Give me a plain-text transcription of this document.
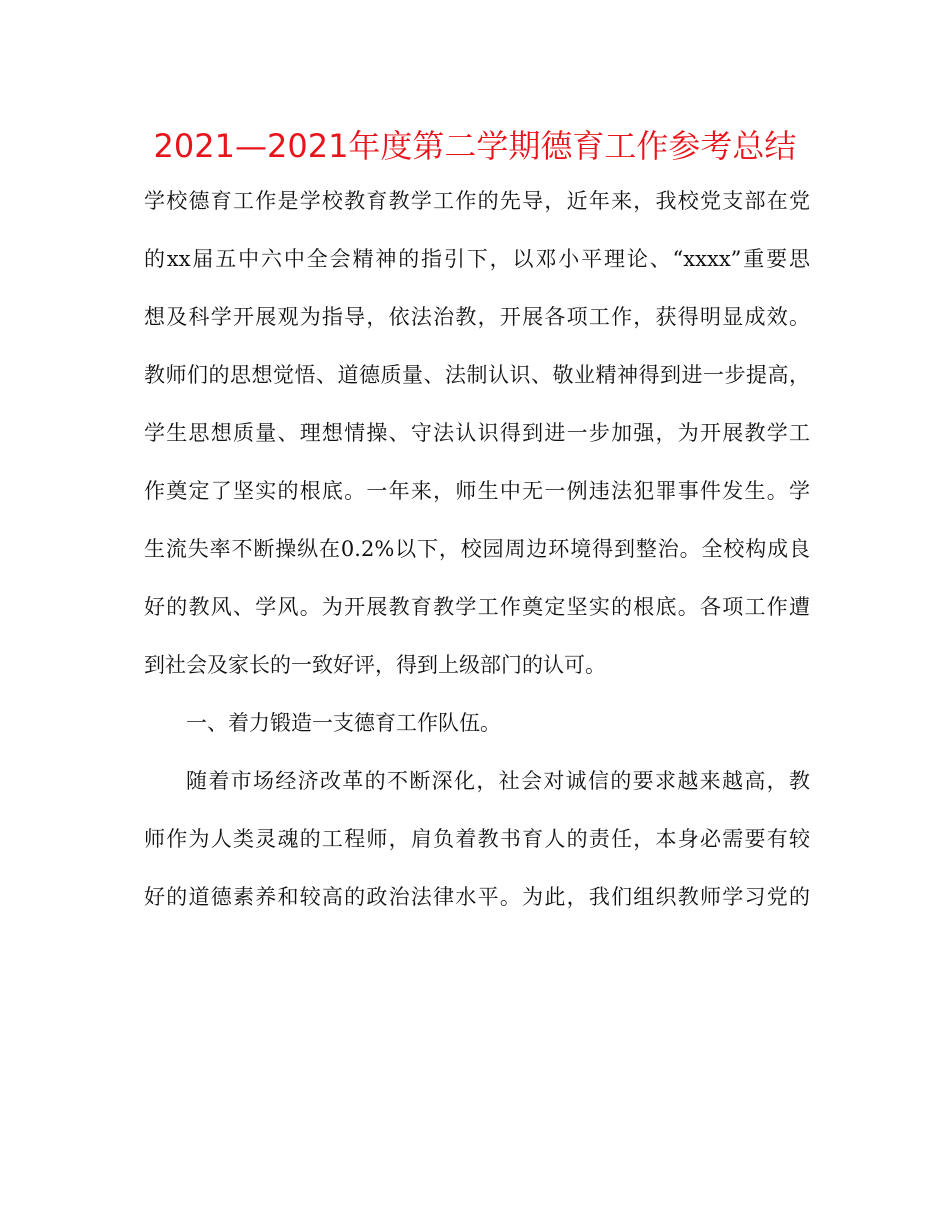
2021—2021年度第二学期德育工作参考总结
学校德育工作是学校教育教学工作的先导，近年来，我校党支部在党
的xx届五中六中全会精神的指引下，以邓小平理论、“xxxx”重要思
想及科学开展观为指导，依法治教，开展各项工作，获得明显成效。
教师们的思想觉悟、道德质量、法制认识、敬业精神得到进一步提高，
学生思想质量、理想情操、守法认识得到进一步加强，为开展教学工
作奠定了坚实的根底。一年来，师生中无一例违法犯罪事件发生。学
生流失率不断操纵在0.2%以下，校园周边环境得到整治。全校构成良
好的教风、学风。为开展教育教学工作奠定坚实的根底。各项工作遭
到社会及家长的一致好评，得到上级部门的认可。
一、着力锻造一支德育工作队伍。
随着市场经济改革的不断深化，社会对诚信的要求越来越高，教
师作为人类灵魂的工程师，肩负着教书育人的责任，本身必需要有较
好的道德素养和较高的政治法律水平。为此，我们组织教师学习党的
